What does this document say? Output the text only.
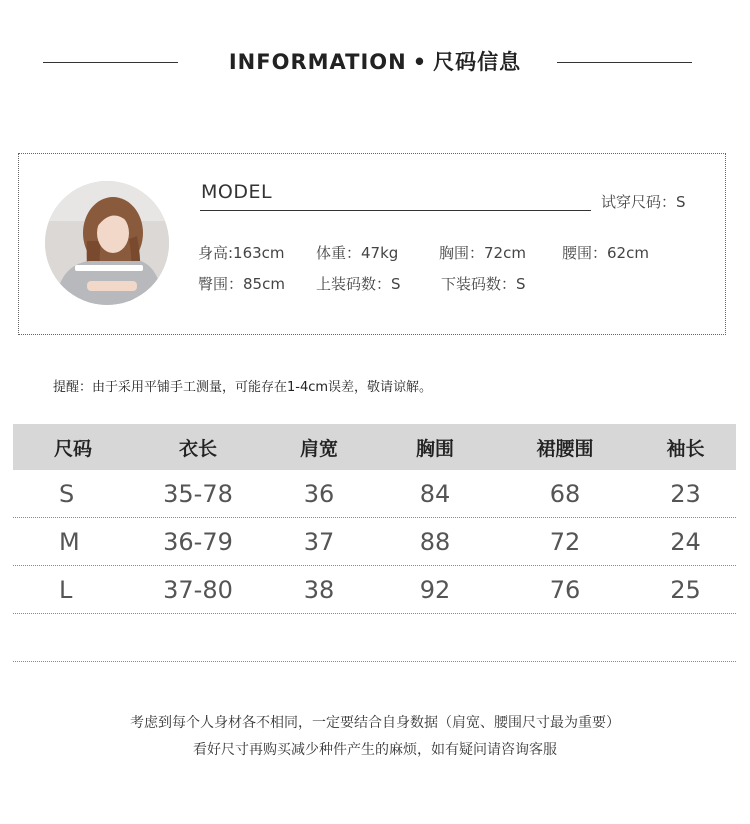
INFORMATION • 尺码信息
MODEL	试穿尺码：S
身高:163cm 体重：47kg	胸围：72cm 腰围：62cm
臀围：85cm 上装码数：S	下装码数：S
提醒：由于采用平铺手工测量，可能存在1-4cm误差，敬请谅解。
尺码	衣长	肩宽	胸围	裙腰围	袖长
S	35-78	36	84	68	23
M	36-79	37	88	72	24
L	37-80	38	92	76	25
考虑到每个人身材各不相同，一定要结合自身数据（肩宽、腰围尺寸最为重要）
看好尺寸再购买减少种件产生的麻烦，如有疑问请咨询客服
